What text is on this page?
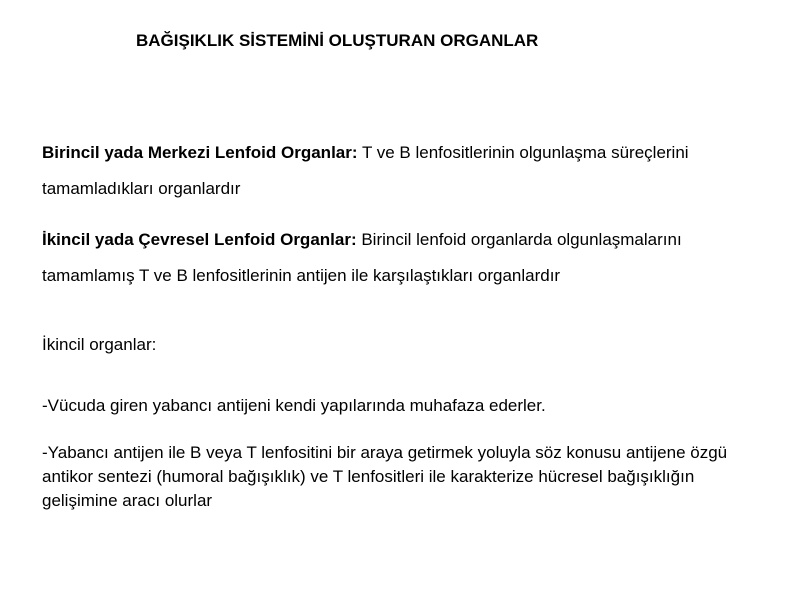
BAĞIŞIKLIK SİSTEMİNİ OLUŞTURAN ORGANLAR

Birincil yada Merkezi Lenfoid Organlar: T ve B lenfositlerinin olgunlaşma süreçlerini tamamladıkları organlardır

İkincil yada Çevresel Lenfoid Organlar: Birincil lenfoid organlarda olgunlaşmalarını tamamlamış T ve B lenfositlerinin antijen ile karşılaştıkları organlardır

İkincil organlar:

-Vücuda giren yabancı antijeni kendi yapılarında muhafaza ederler.

-Yabancı antijen ile B veya T lenfositini bir araya getirmek yoluyla söz konusu antijene özgü antikor sentezi (humoral bağışıklık) ve T lenfositleri ile karakterize hücresel bağışıklığın gelişimine aracı olurlar
